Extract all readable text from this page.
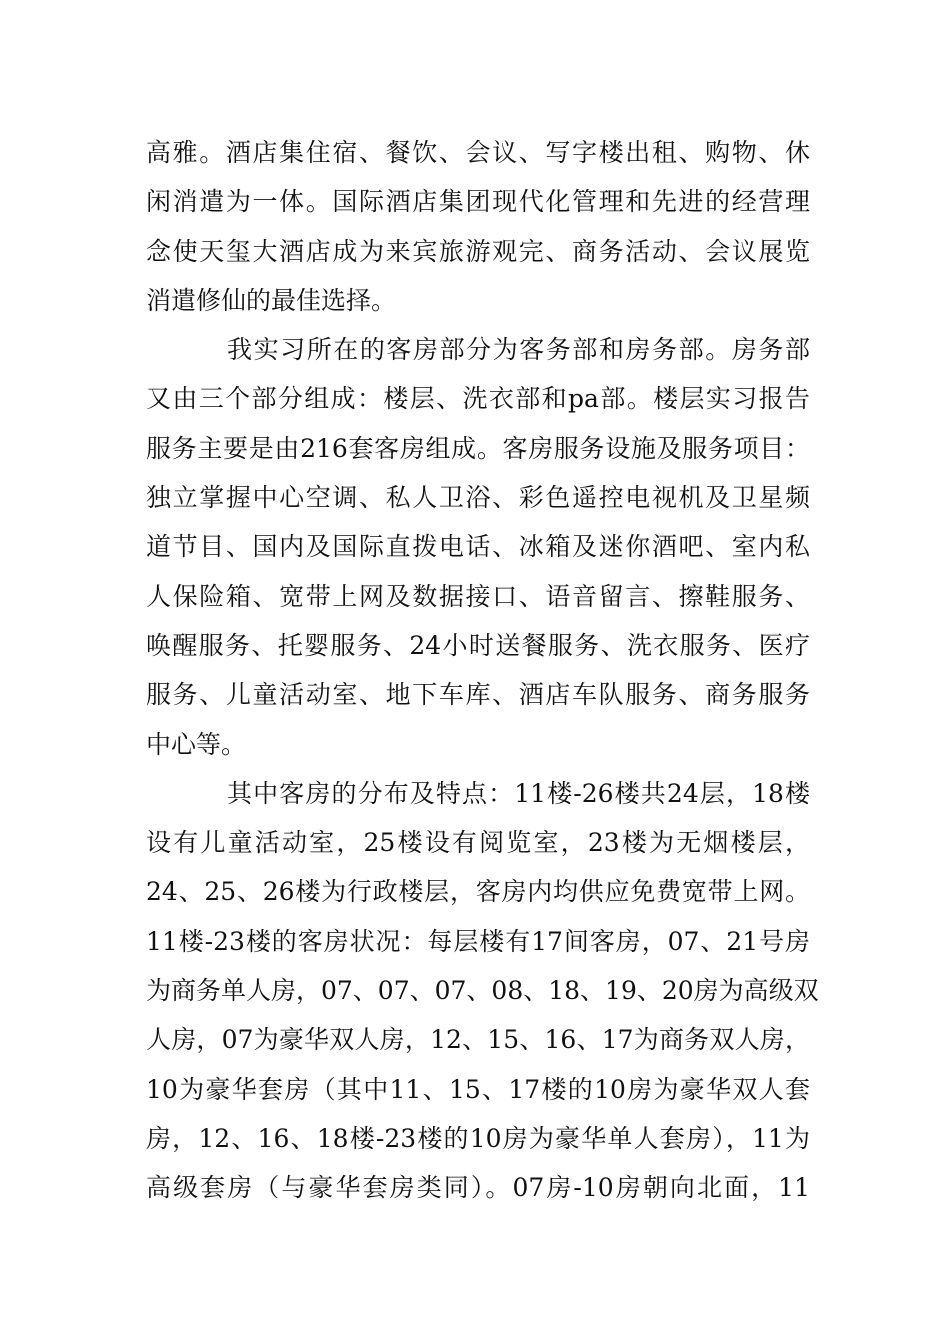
高雅。酒店集住宿、餐饮、会议、写字楼出租、购物、休
闲消遣为一体。国际酒店集团现代化管理和先进的经营理
念使天玺大酒店成为来宾旅游观完、商务活动、会议展览
消遣修仙的最佳选择。
我实习所在的客房部分为客务部和房务部。房务部
又由三个部分组成：楼层、洗衣部和pa部。楼层实习报告
服务主要是由216套客房组成。客房服务设施及服务项目：
独立掌握中心空调、私人卫浴、彩色遥控电视机及卫星频
道节目、国内及国际直拨电话、冰箱及迷你酒吧、室内私
人保险箱、宽带上网及数据接口、语音留言、擦鞋服务、
唤醒服务、托婴服务、24小时送餐服务、洗衣服务、医疗
服务、儿童活动室、地下车库、酒店车队服务、商务服务
中心等。
其中客房的分布及特点：11楼-26楼共24层，18楼
设有儿童活动室，25楼设有阅览室，23楼为无烟楼层，
24、25、26楼为行政楼层，客房内均供应免费宽带上网。
11楼-23楼的客房状况：每层楼有17间客房，07、21号房
为商务单人房，07、07、07、08、18、19、20房为高级双
人房，07为豪华双人房，12、15、16、17为商务双人房，
10为豪华套房（其中11、15、17楼的10房为豪华双人套
房，12、16、18楼-23楼的10房为豪华单人套房），11为
高级套房（与豪华套房类同）。07房-10房朝向北面，11
